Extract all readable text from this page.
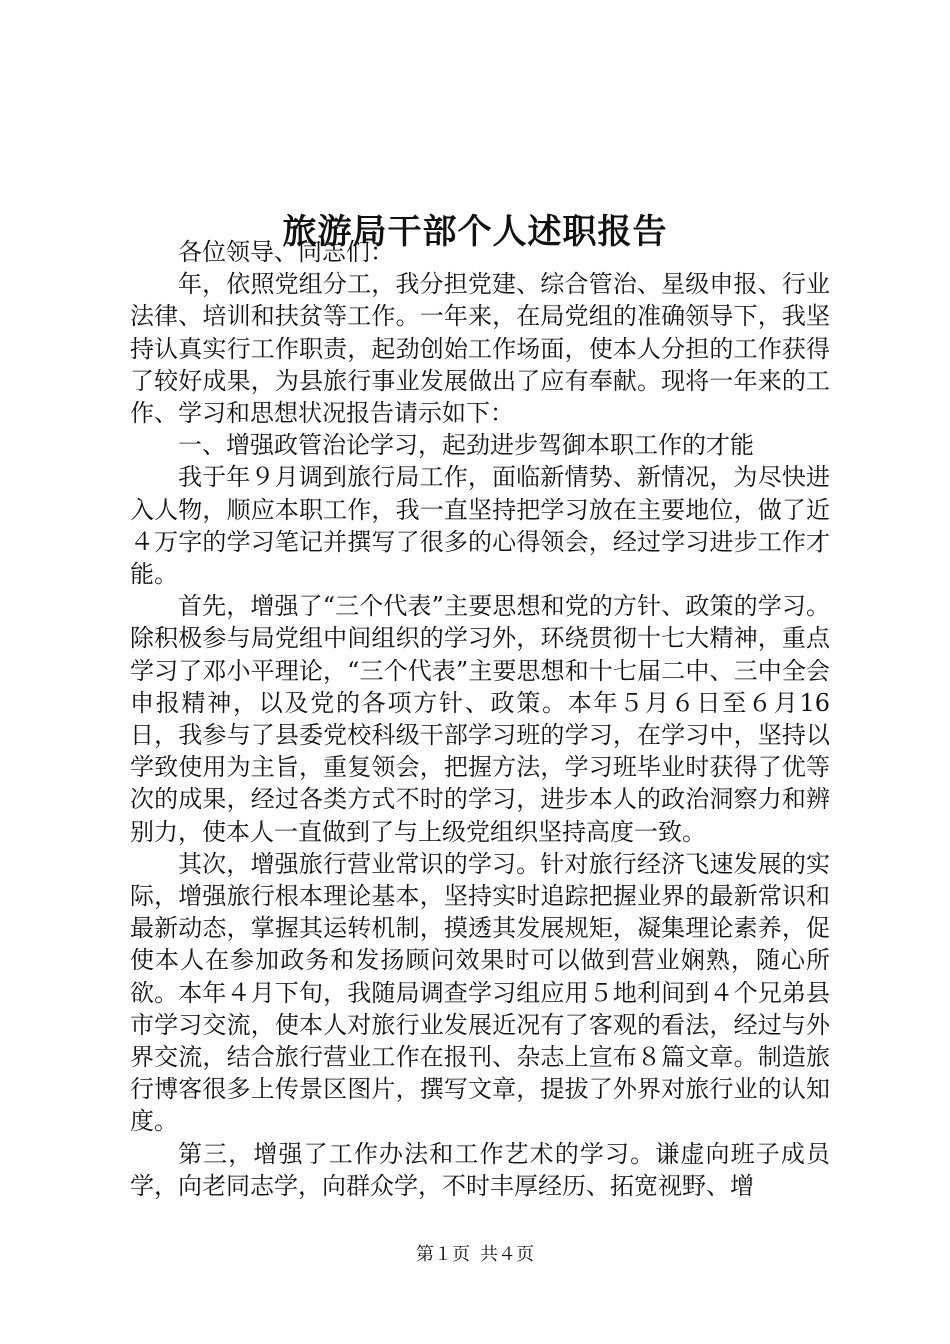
旅游局干部个人述职报告

各位领导、同志们：

年，依照党组分工，我分担党建、综合管治、星级申报、行业法律、培训和扶贫等工作。一年来，在局党组的准确领导下，我坚持认真实行工作职责，起劲创始工作场面，使本人分担的工作获得了较好成果，为县旅行事业发展做出了应有奉献。现将一年来的工作、学习和思想状况报告请示如下：

一、增强政管治论学习，起劲进步驾御本职工作的才能

我于年９月调到旅行局工作，面临新情势、新情况，为尽快进入人物，顺应本职工作，我一直坚持把学习放在主要地位，做了近４万字的学习笔记并撰写了很多的心得领会，经过学习进步工作才能。

首先，增强了“三个代表”主要思想和党的方针、政策的学习。除积极参与局党组中间组织的学习外，环绕贯彻十七大精神，重点学习了邓小平理论，“三个代表”主要思想和十七届二中、三中全会申报精神，以及党的各项方针、政策。本年５月６日至６月16日，我参与了县委党校科级干部学习班的学习，在学习中，坚持以学致使用为主旨，重复领会，把握方法，学习班毕业时获得了优等次的成果，经过各类方式不时的学习，进步本人的政治洞察力和辨别力，使本人一直做到了与上级党组织坚持高度一致。

其次，增强旅行营业常识的学习。针对旅行经济飞速发展的实际，增强旅行根本理论基本，坚持实时追踪把握业界的最新常识和最新动态，掌握其运转机制，摸透其发展规矩，凝集理论素养，促使本人在参加政务和发扬顾问效果时可以做到营业娴熟，随心所欲。本年４月下旬，我随局调查学习组应用５地利间到４个兄弟县市学习交流，使本人对旅行业发展近况有了客观的看法，经过与外界交流，结合旅行营业工作在报刊、杂志上宣布８篇文章。制造旅行博客很多上传景区图片，撰写文章，提拔了外界对旅行业的认知度。

第三，增强了工作办法和工作艺术的学习。谦虚向班子成员学，向老同志学，向群众学，不时丰厚经历、拓宽视野、增

第１页 共４页
